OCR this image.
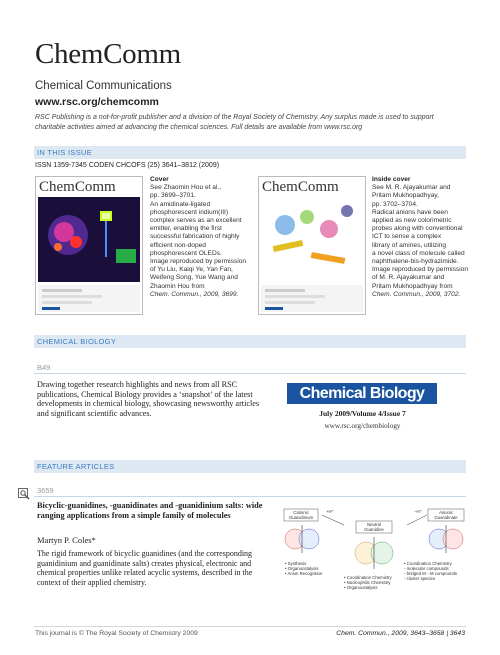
ChemComm
Chemical Communications
www.rsc.org/chemcomm
RSC Publishing is a not-for-profit publisher and a division of the Royal Society of Chemistry. Any surplus made is used to support charitable activities aimed at advancing the chemical sciences. Full details are available from www.rsc.org
IN THIS ISSUE
ISSN 1359-7345 CODEN CHCOFS (25) 3641–3812 (2009)
ChemComm	Cover
See Zhaomin Hou et al.,
pp. 3699–3701.
An amidinate-ligated
phosphorescent iridium(III)
complex serves as an excellent
emitter, enabling the first
successful fabrication of highly
efficient non-doped
phosphorescent OLEDs.
Image reproduced by permission
of Yu Liu, Kaiqi Ye, Yan Fan,
Weifeng Song, Yue Wang and
Zhaomin Hou from
Chem. Commun., 2009, 3699.
ChemComm	Inside cover
See M. R. Ajayakumar and
Pritam Mukhopadhyay,
pp. 3702–3704.
Radical anions have been
applied as new colorimetric
probes along with conventional
ICT to sense a complex
library of amines, utilizing
a novel class of molecule called
naphthalene-bis-hydrazimide.
Image reproduced by permission
of M. R. Ajayakumar and
Pritam Mukhopadhyay from
Chem. Commun., 2009, 3702.
CHEMICAL BIOLOGY
B49
Drawing together research highlights and news from all RSC publications, Chemical Biology provides a ‘snapshot’ of the latest developments in chemical biology, showcasing newsworthy articles and significant scientific advances.
Chemical Biology
July 2009/Volume 4/Issue 7
www.rsc.org/chembiology
FEATURE ARTICLES
3659
Bicyclic-guanidines, -guanidinates and -guanidinium salts: wide ranging applications from a simple family of molecules
Martyn P. Coles*
The rigid framework of bicyclic guanidines (and the corresponding guanidinium and guanidinate salts) creates physical, electronic and chemical properties unlike related acyclic systems, described in the context of their applied chemistry.
Cationic
Guanidinium
• Synthesis
• Organocatalysis
• Anion Recognition
+H⁺	−H⁺
Neutral
Guanidine
• Coordination Chemistry
• Nucleophilic Chemistry
• Organocatalysis
Anionic
Guanidinate
• Coordination Chemistry
- molecular compounds
- bridged M···M compounds
- cluster species
This journal is © The Royal Society of Chemistry 2009	Chem. Commun., 2009, 3643–3658 | 3643
